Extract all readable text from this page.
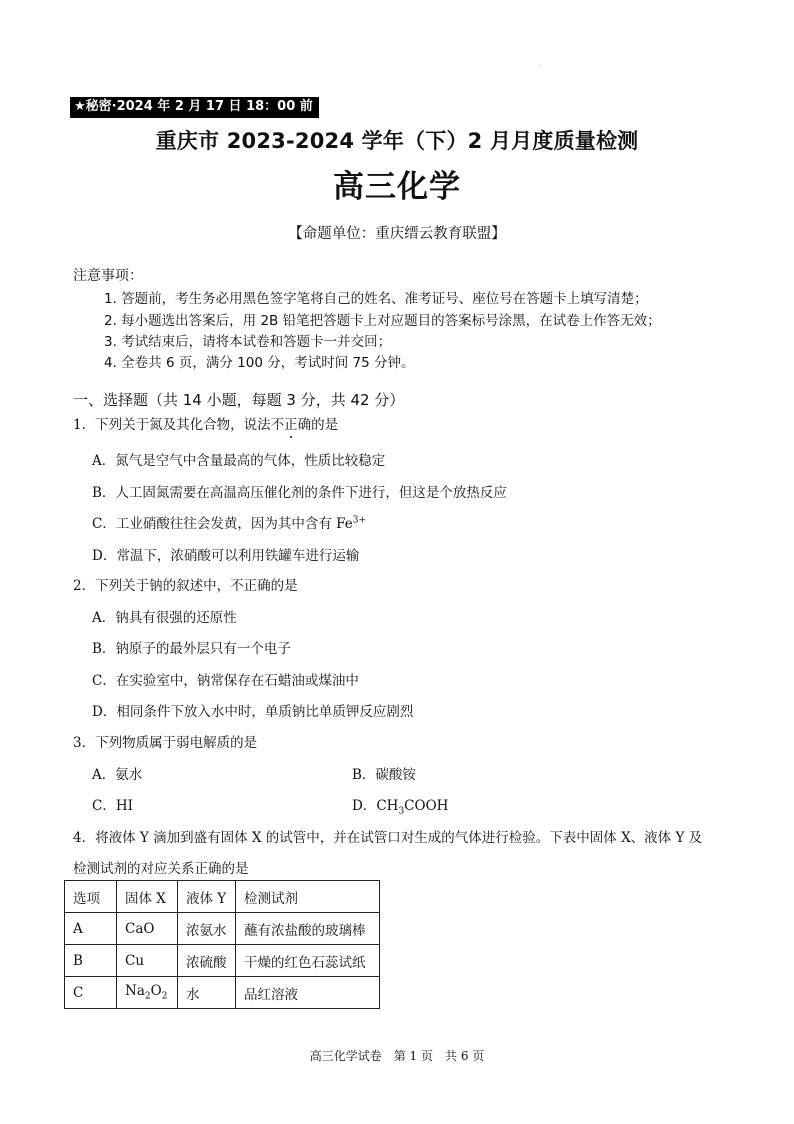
·
★秘密·2024 年 2 月 17 日 18：00 前
重庆市 2023-2024 学年（下）2 月月度质量检测
高三化学
【命题单位：重庆缙云教育联盟】
注意事项：
1. 答题前，考生务必用黑色签字笔将自己的姓名、准考证号、座位号在答题卡上填写清楚；
2. 每小题选出答案后，用 2B 铅笔把答题卡上对应题目的答案标号涂黑，在试卷上作答无效；
3. 考试结束后，请将本试卷和答题卡一并交回；
4. 全卷共 6 页，满分 100 分，考试时间 75 分钟。
一、选择题（共 14 小题，每题 3 分，共 42 分）
1．下列关于氮及其化合物，说法不正确的是
A．氮气是空气中含量最高的气体，性质比较稳定
B．人工固氮需要在高温高压催化剂的条件下进行，但这是个放热反应
C．工业硝酸往往会发黄，因为其中含有 $Fe^{3+}$
D．常温下，浓硝酸可以利用铁罐车进行运输
2．下列关于钠的叙述中，不正确的是
A．钠具有很强的还原性
B．钠原子的最外层只有一个电子
C．在实验室中，钠常保存在石蜡油或煤油中
D．相同条件下放入水中时，单质钠比单质钾反应剧烈
3．下列物质属于弱电解质的是
A．氨水	B．碳酸铵
C．HI	D．$CH_3COOH$
4．将液体 Y 滴加到盛有固体 X 的试管中，并在试管口对生成的气体进行检验。下表中固体 X、液体 Y 及
检测试剂的对应关系正确的是
选项	固体 X	液体 Y	检测试剂
A	CaO	浓氨水	蘸有浓盐酸的玻璃棒
B	Cu	浓硫酸	干燥的红色石蕊试纸
C	$Na_2O_2$	水	品红溶液
高三化学试卷 第 1 页 共 6 页
